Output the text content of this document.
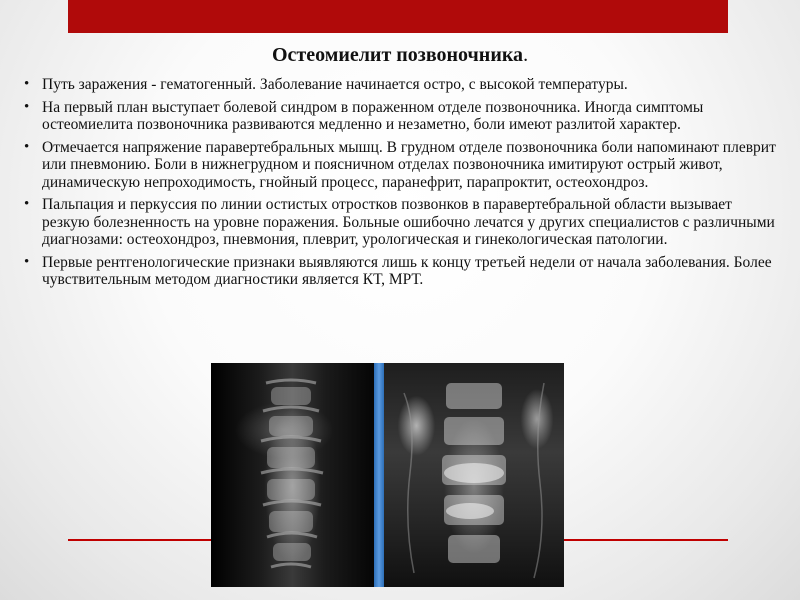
Остеомиелит позвоночника.
• Путь заражения - гематогенный. Заболевание начинается остро, с высокой температуры.
• На первый план выступает болевой синдром в пораженном отделе позвоночника. Иногда симптомы остеомиелита позвоночника развиваются медленно и незаметно, боли имеют разлитой характер.
• Отмечается напряжение паравертебральных мышц. В грудном отделе позвоночника боли напоминают плеврит или пневмонию. Боли в нижнегрудном и поясничном отделах позвоночника имитируют острый живот, динамическую непроходимость, гнойный процесс, паранефрит, парапроктит, остеохондроз.
• Пальпация и перкуссия по линии остистых отростков позвонков в паравертебральной области вызывает резкую болезненность на уровне поражения. Больные ошибочно лечатся у других специалистов с различными диагнозами: остеохондроз, пневмония, плеврит, урологическая и гинекологическая патологии.
• Первые рентгенологические признаки выявляются лишь к концу третьей недели от начала заболевания. Более чувствительным методом диагностики является КТ, МРТ.
